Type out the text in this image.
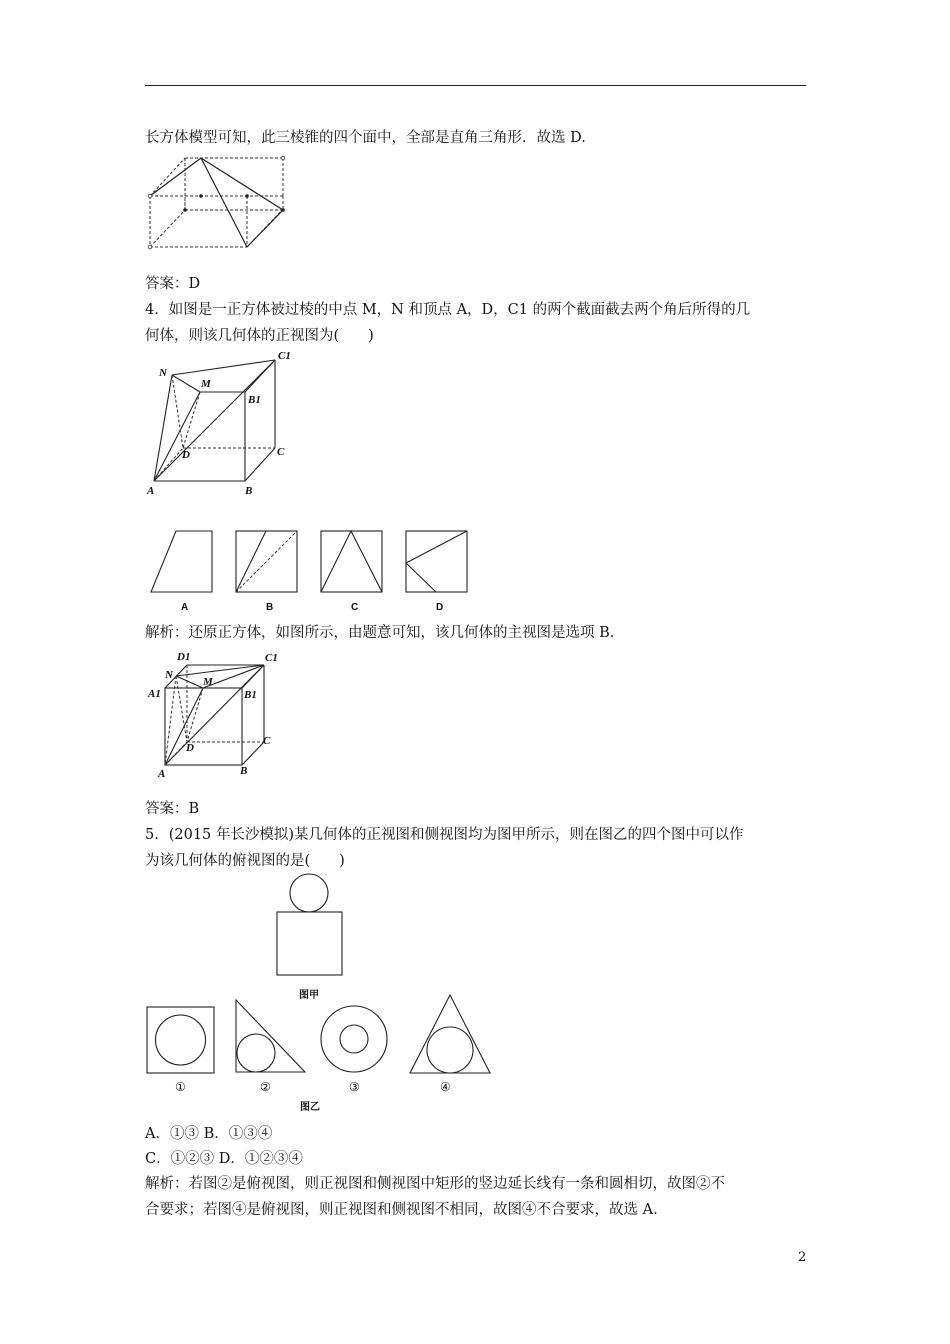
长方体模型可知，此三棱锥的四个面中，全部是直角三角形．故选 D.
答案：D
4．如图是一正方体被过棱的中点 M，N 和顶点 A，D，C1 的两个截面截去两个角后所得的几
何体，则该几何体的正视图为(　　)
N
M
C1
B1
D	C
A	B
A	B	C	D
解析：还原正方体，如图所示，由题意可知，该几何体的主视图是选项 B.
D1	C1
N
M
A1	B1
D
C
A	B
答案：B
5．(2015 年长沙模拟)某几何体的正视图和侧视图均为图甲所示，则在图乙的四个图中可以作
为该几何体的俯视图的是(　　)
图甲
①	②	③	④
图乙
A．①③ B．①③④
C．①②③ D．①②③④
解析：若图②是俯视图，则正视图和侧视图中矩形的竖边延长线有一条和圆相切，故图②不
合要求；若图④是俯视图，则正视图和侧视图不相同，故图④不合要求，故选 A.
2
